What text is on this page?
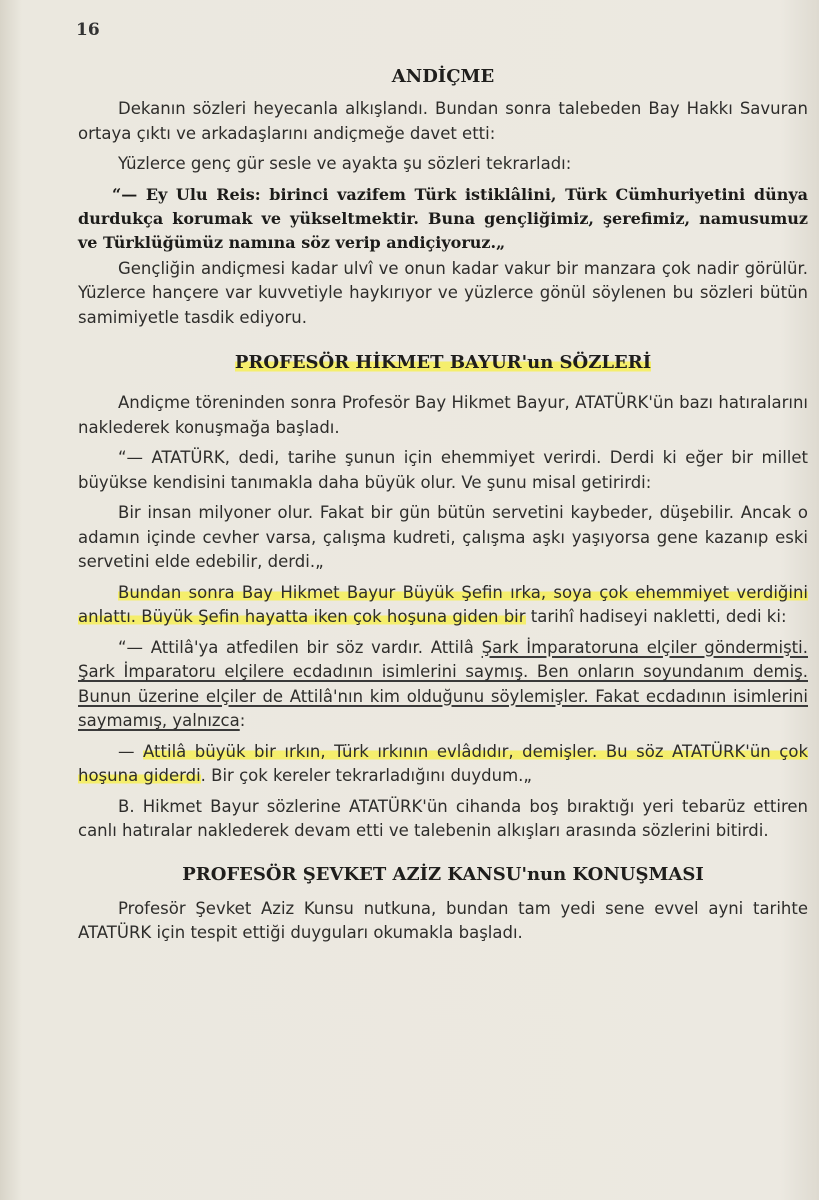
16
ANDİÇME

Dekanın sözleri heyecanla alkışlandı. Bundan sonra talebeden Bay Hakkı Savuran ortaya çıktı ve arkadaşlarını andiçmeğe davet etti:

Yüzlerce genç gür sesle ve ayakta şu sözleri tekrarladı:

“— Ey Ulu Reis: birinci vazifem Türk istiklâlini, Türk Cümhuriyetini dünya durdukça korumak ve yükseltmektir. Buna gençliğimiz, şerefimiz, namusumuz ve Türklüğümüz namına söz verip andiçiyoruz.„

Gençliğin andiçmesi kadar ulvî ve onun kadar vakur bir manzara çok nadir görülür. Yüzlerce hançere var kuvvetiyle haykırıyor ve yüzlerce gönül söylenen bu sözleri bütün samimiyetle tasdik ediyoru.

PROFESÖR HİKMET BAYUR'un SÖZLERİ

Andiçme töreninden sonra Profesör Bay Hikmet Bayur, ATATÜRK'ün bazı hatıralarını naklederek konuşmağa başladı.

“— ATATÜRK, dedi, tarihe şunun için ehemmiyet verirdi. Derdi ki eğer bir millet büyükse kendisini tanımakla daha büyük olur. Ve şunu misal getirirdi:

Bir insan milyoner olur. Fakat bir gün bütün servetini kaybeder, düşebilir. Ancak o adamın içinde cevher varsa, çalışma kudreti, çalışma aşkı yaşıyorsa gene kazanıp eski servetini elde edebilir, derdi.„

Bundan sonra Bay Hikmet Bayur Büyük Şefin ırka, soya çok ehemmiyet verdiğini anlattı. Büyük Şefin hayatta iken çok hoşuna giden bir tarihî hadiseyi nakletti, dedi ki:

“— Attilâ'ya atfedilen bir söz vardır. Attilâ Şark İmparatoruna elçiler göndermişti. Şark İmparatoru elçilere ecdadının isimlerini saymış. Ben onların soyundanım demiş. Bunun üzerine elçiler de Attilâ'nın kim olduğunu söylemişler. Fakat ecdadının isimlerini saymamış, yalnızca:

— Attilâ büyük bir ırkın, Türk ırkının evlâdıdır, demişler. Bu söz ATATÜRK'ün çok hoşuna giderdi. Bir çok kereler tekrarladığını duydum.„

B. Hikmet Bayur sözlerine ATATÜRK'ün cihanda boş bıraktığı yeri tebarüz ettiren canlı hatıralar naklederek devam etti ve talebenin alkışları arasında sözlerini bitirdi.

PROFESÖR ŞEVKET AZİZ KANSU'nun KONUŞMASI

Profesör Şevket Aziz Kunsu nutkuna, bundan tam yedi sene evvel ayni tarihte ATATÜRK için tespit ettiği duyguları okumakla başladı.
